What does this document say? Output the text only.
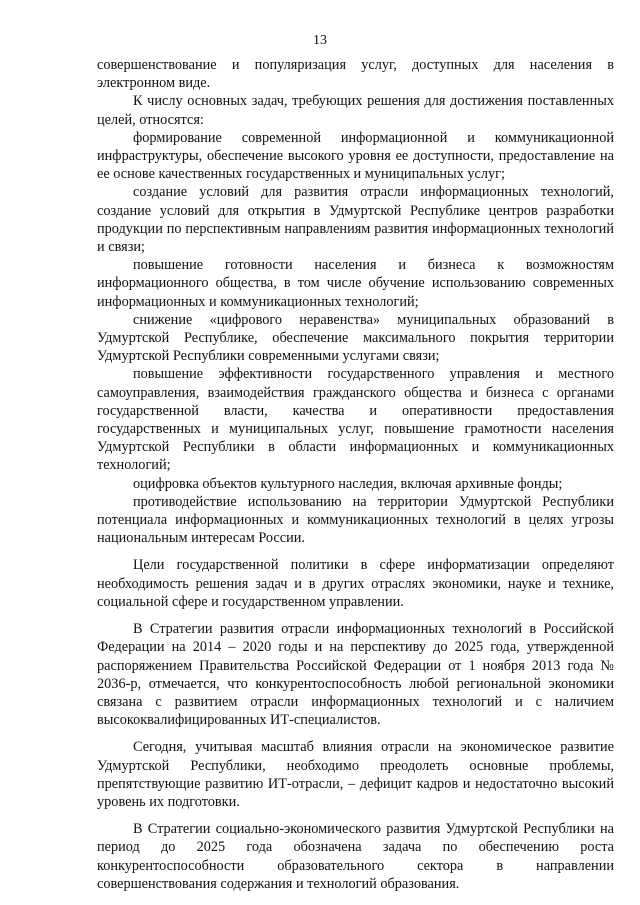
13

совершенствование и популяризация услуг, доступных для населения в электронном виде.

К числу основных задач, требующих решения для достижения поставленных целей, относятся:

формирование современной информационной и коммуникационной инфраструктуры, обеспечение высокого уровня ее доступности, предоставление на ее основе качественных государственных и муниципальных услуг;

создание условий для развития отрасли информационных технологий, создание условий для открытия в Удмуртской Республике центров разработки продукции по перспективным направлениям развития информационных технологий и связи;

повышение готовности населения и бизнеса к возможностям информационного общества, в том числе обучение использованию современных информационных и коммуникационных технологий;

снижение «цифрового неравенства» муниципальных образований в Удмуртской Республике, обеспечение максимального покрытия территории Удмуртской Республики современными услугами связи;

повышение эффективности государственного управления и местного самоуправления, взаимодействия гражданского общества и бизнеса с органами государственной власти, качества и оперативности предоставления государственных и муниципальных услуг, повышение грамотности населения Удмуртской Республики в области информационных и коммуникационных технологий;

оцифровка объектов культурного наследия, включая архивные фонды;

противодействие использованию на территории Удмуртской Республики потенциала информационных и коммуникационных технологий в целях угрозы национальным интересам России.

Цели государственной политики в сфере информатизации определяют необходимость решения задач и в других отраслях экономики, науке и технике, социальной сфере и государственном управлении.

В Стратегии развития отрасли информационных технологий в Российской Федерации на 2014 – 2020 годы и на перспективу до 2025 года, утвержденной распоряжением Правительства Российской Федерации от 1 ноября 2013 года № 2036-р, отмечается, что конкурентоспособность любой региональной экономики связана с развитием отрасли информационных технологий и с наличием высококвалифицированных ИТ-специалистов.

Сегодня, учитывая масштаб влияния отрасли на экономическое развитие Удмуртской Республики, необходимо преодолеть основные проблемы, препятствующие развитию ИТ-отрасли, – дефицит кадров и недостаточно высокий уровень их подготовки.

В Стратегии социально-экономического развития Удмуртской Республики на период до 2025 года обозначена задача по обеспечению роста конкурентоспособности образовательного сектора в направлении совершенствования содержания и технологий образования.
